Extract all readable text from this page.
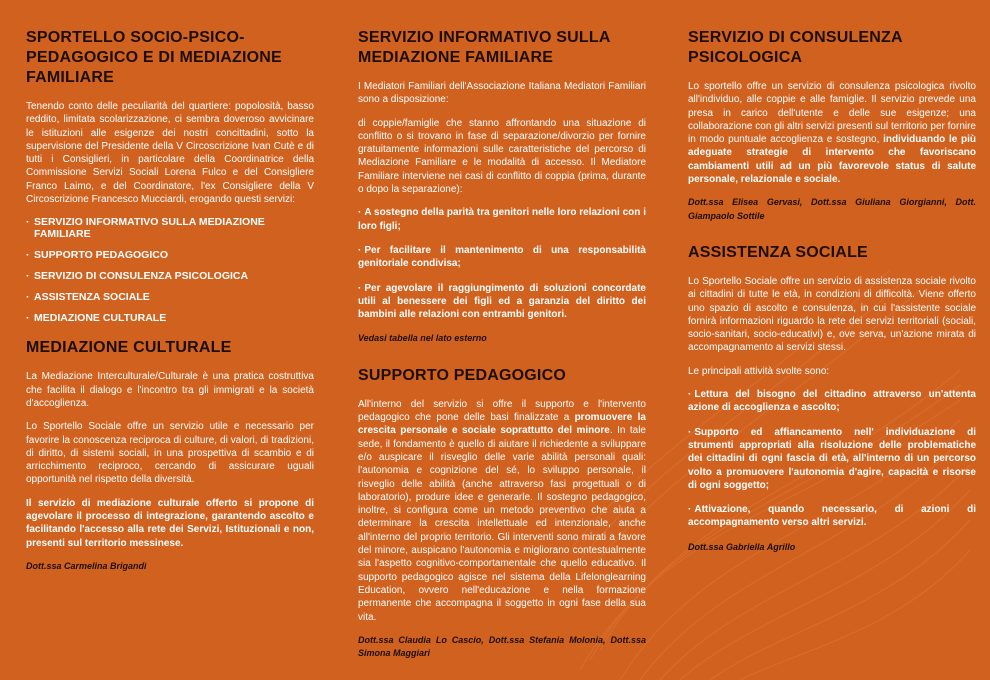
SPORTELLO SOCIO-PSICO-PEDAGOGICO E DI MEDIAZIONE FAMILIARE

Tenendo conto delle peculiarità del quartiere: popolosità, basso reddito, limitata scolarizzazione, ci sembra doveroso avvicinare le istituzioni alle esigenze dei nostri concittadini, sotto la supervisione del Presidente della V Circoscrizione Ivan Cutè e di tutti i Consiglieri, in particolare della Coordinatrice della Commissione Servizi Sociali Lorena Fulco e del Consigliere Franco Laimo, e del Coordinatore, l'ex Consigliere della V Circoscrizione Francesco Mucciardi, erogando questi servizi:

· SERVIZIO INFORMATIVO SULLA MEDIAZIONE FAMILIARE
· SUPPORTO PEDAGOGICO
· SERVIZIO DI CONSULENZA PSICOLOGICA
· ASSISTENZA SOCIALE
· MEDIAZIONE CULTURALE
MEDIAZIONE CULTURALE

La Mediazione Interculturale/Culturale è una pratica costruttiva che facilita il dialogo e l'incontro tra gli immigrati e la società d'accoglienza.

Lo Sportello Sociale offre un servizio utile e necessario per favorire la conoscenza reciproca di culture, di valori, di tradizioni, di diritto, di sistemi sociali, in una prospettiva di scambio e di arricchimento reciproco, cercando di assicurare uguali opportunità nel rispetto della diversità.

Il servizio di mediazione culturale offerto si propone di agevolare il processo di integrazione, garantendo ascolto e facilitando l'accesso alla rete dei Servizi, Istituzionali e non, presenti sul territorio messinese.

Dott.ssa Carmelina Brigandì

SERVIZIO INFORMATIVO SULLA MEDIAZIONE FAMILIARE

I Mediatori Familiari dell'Associazione Italiana Mediatori Familiari sono a disposizione:

di coppie/famiglie che stanno affrontando una situazione di conflitto o si trovano in fase di separazione/divorzio per fornire gratuitamente informazioni sulle caratteristiche del percorso di Mediazione Familiare e le modalità di accesso. Il Mediatore Familiare interviene nei casi di conflitto di coppia (prima, durante o dopo la separazione):

· A sostegno della parità tra genitori nelle loro relazioni con i loro figli;
· Per facilitare il mantenimento di una responsabilità genitoriale condivisa;
· Per agevolare il raggiungimento di soluzioni concordate utili al benessere dei figli ed a garanzia del diritto dei bambini alle relazioni con entrambi genitori.

Vedasi tabella nel lato esterno

SUPPORTO PEDAGOGICO

All'interno del servizio si offre il supporto e l'intervento pedagogico che pone delle basi finalizzate a promuovere la crescita personale e sociale soprattutto del minore. In tale sede, il fondamento è quello di aiutare il richiedente a sviluppare e/o auspicare il risveglio delle varie abilità personali quali: l'autonomia e cognizione del sé, lo sviluppo personale, il risveglio delle abilità (anche attraverso fasi progettuali o di laboratorio), produre idee e generarle. Il sostegno pedagogico, inoltre, si configura come un metodo preventivo che aiuta a determinare la crescita intellettuale ed intenzionale, anche all'interno del proprio territorio. Gli interventi sono mirati a favore del minore, auspicano l'autonomia e migliorano contestualmente sia l'aspetto cognitivo-comportamentale che quello educativo. Il supporto pedagogico agisce nel sistema della Lifelonglearning Education, ovvero nell'educazione e nella formazione permanente che accompagna il soggetto in ogni fase della sua vita.

Dott.ssa Claudia Lo Cascio, Dott.ssa Stefania Molonia, Dott.ssa Simona Maggiari

SERVIZIO DI CONSULENZA PSICOLOGICA

Lo sportello offre un servizio di consulenza psicologica rivolto all'individuo, alle coppie e alle famiglie. Il servizio prevede una presa in carico dell'utente e delle sue esigenze; una collaborazione con gli altri servizi presenti sul territorio per fornire in modo puntuale accoglienza e sostegno, individuando le più adeguate strategie di intervento che favoriscano cambiamenti utili ad un più favorevole status di salute personale, relazionale e sociale.

Dott.ssa Elisea Gervasi, Dott.ssa Giuliana Giorgianni, Dott. Giampaolo Sottile

ASSISTENZA SOCIALE

Lo Sportello Sociale offre un servizio di assistenza sociale rivolto ai cittadini di tutte le età, in condizioni di difficoltà. Viene offerto uno spazio di ascolto e consulenza, in cui l'assistente sociale fornirà informazioni riguardo la rete dei servizi territoriali (sociali, socio-sanitari, socio-educativi) e, ove serva, un'azione mirata di accompagnamento ai servizi stessi.

Le principali attività svolte sono:

· Lettura del bisogno del cittadino attraverso un'attenta azione di accoglienza e ascolto;
· Supporto ed affiancamento nell' individuazione di strumenti appropriati alla risoluzione delle problematiche dei cittadini di ogni fascia di età, all'interno di un percorso volto a promuovere l'autonomia d'agire, capacità e risorse di ogni soggetto;
· Attivazione, quando necessario, di azioni di accompagnamento verso altri servizi.

Dott.ssa Gabriella Agrillo
